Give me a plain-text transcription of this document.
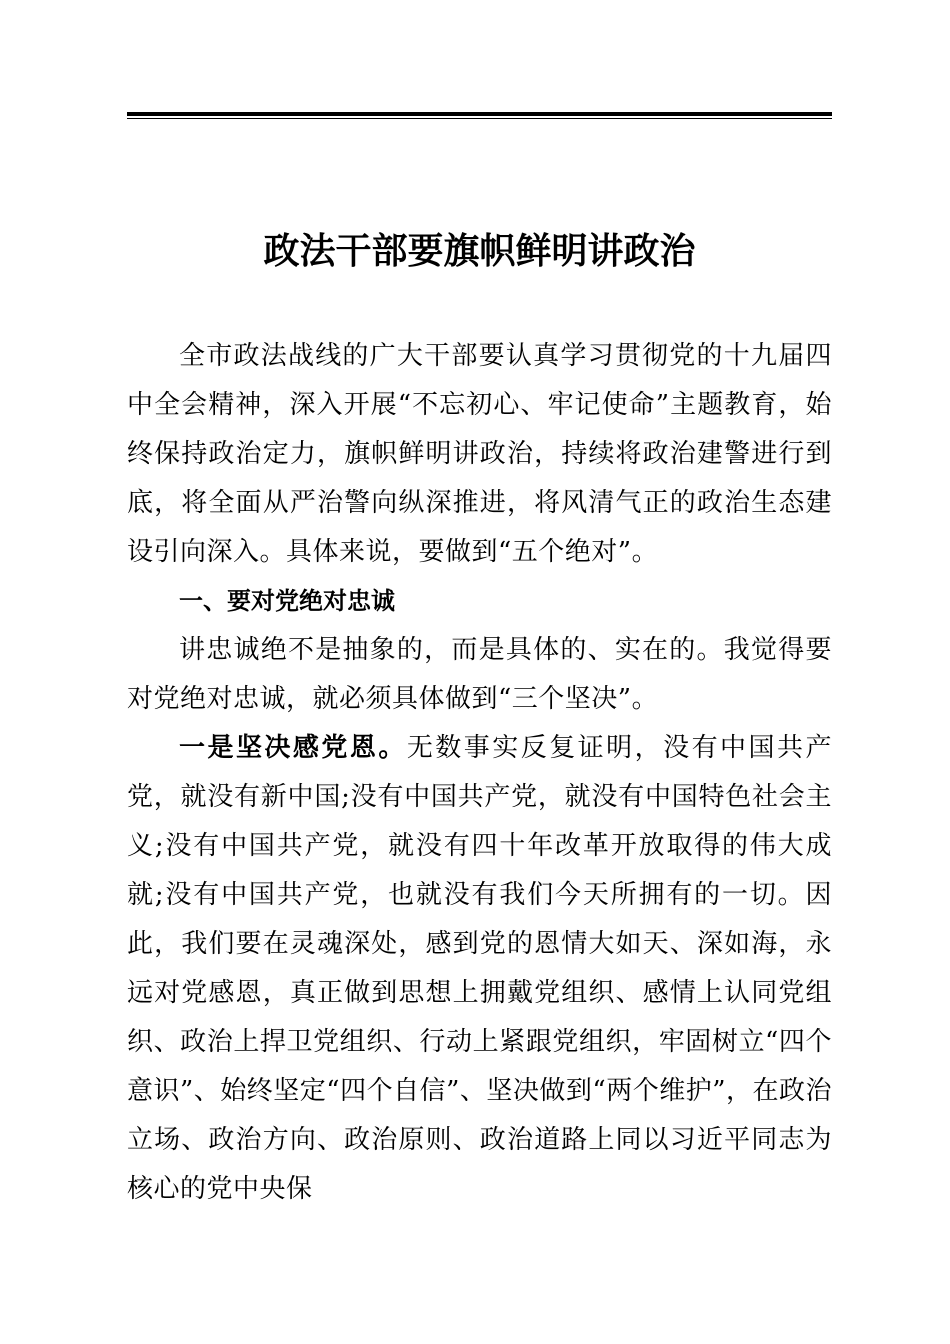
政法干部要旗帜鲜明讲政治

全市政法战线的广大干部要认真学习贯彻党的十九届四中全会精神，深入开展“不忘初心、牢记使命”主题教育，始终保持政治定力，旗帜鲜明讲政治，持续将政治建警进行到底，将全面从严治警向纵深推进，将风清气正的政治生态建设引向深入。具体来说，要做到“五个绝对”。

一、要对党绝对忠诚

讲忠诚绝不是抽象的，而是具体的、实在的。我觉得要对党绝对忠诚，就必须具体做到“三个坚决”。

一是坚决感党恩。无数事实反复证明，没有中国共产党，就没有新中国;没有中国共产党，就没有中国特色社会主义;没有中国共产党，就没有四十年改革开放取得的伟大成就;没有中国共产党，也就没有我们今天所拥有的一切。因此，我们要在灵魂深处，感到党的恩情大如天、深如海，永远对党感恩，真正做到思想上拥戴党组织、感情上认同党组织、政治上捍卫党组织、行动上紧跟党组织，牢固树立“四个意识”、始终坚定“四个自信”、坚决做到“两个维护”，在政治立场、政治方向、政治原则、政治道路上同以习近平同志为核心的党中央保
